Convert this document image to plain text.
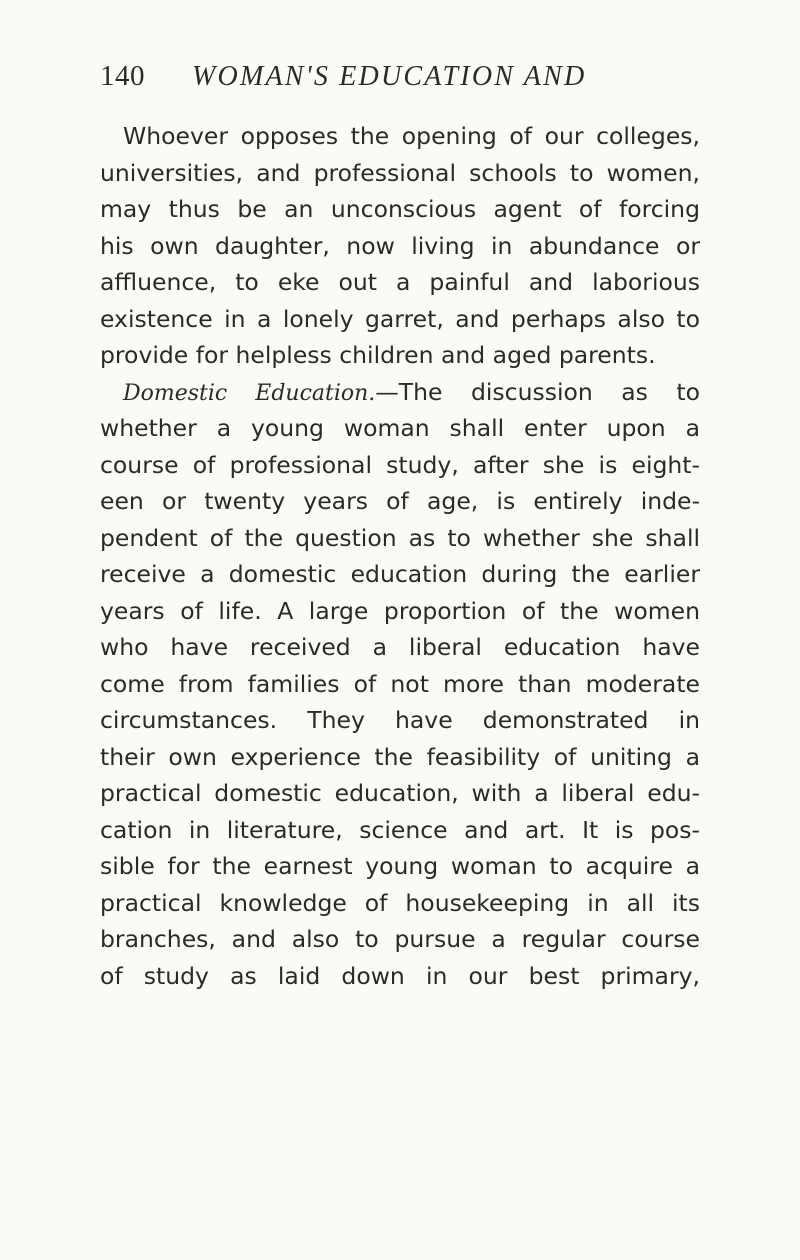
140	WOMAN'S EDUCATION AND
Whoever opposes the opening of our colleges,
universities, and professional schools to women,
may thus be an unconscious agent of forcing
his own daughter, now living in abundance or
affluence, to eke out a painful and laborious
existence in a lonely garret, and perhaps also to
provide for helpless children and aged parents.
Domestic Education.—The discussion as to
whether a young woman shall enter upon a
course of professional study, after she is eight-
een or twenty years of age, is entirely inde-
pendent of the question as to whether she shall
receive a domestic education during the earlier
years of life. A large proportion of the women
who have received a liberal education have
come from families of not more than moderate
circumstances. They have demonstrated in
their own experience the feasibility of uniting a
practical domestic education, with a liberal edu-
cation in literature, science and art. It is pos-
sible for the earnest young woman to acquire a
practical knowledge of housekeeping in all its
branches, and also to pursue a regular course
of study as laid down in our best primary,
